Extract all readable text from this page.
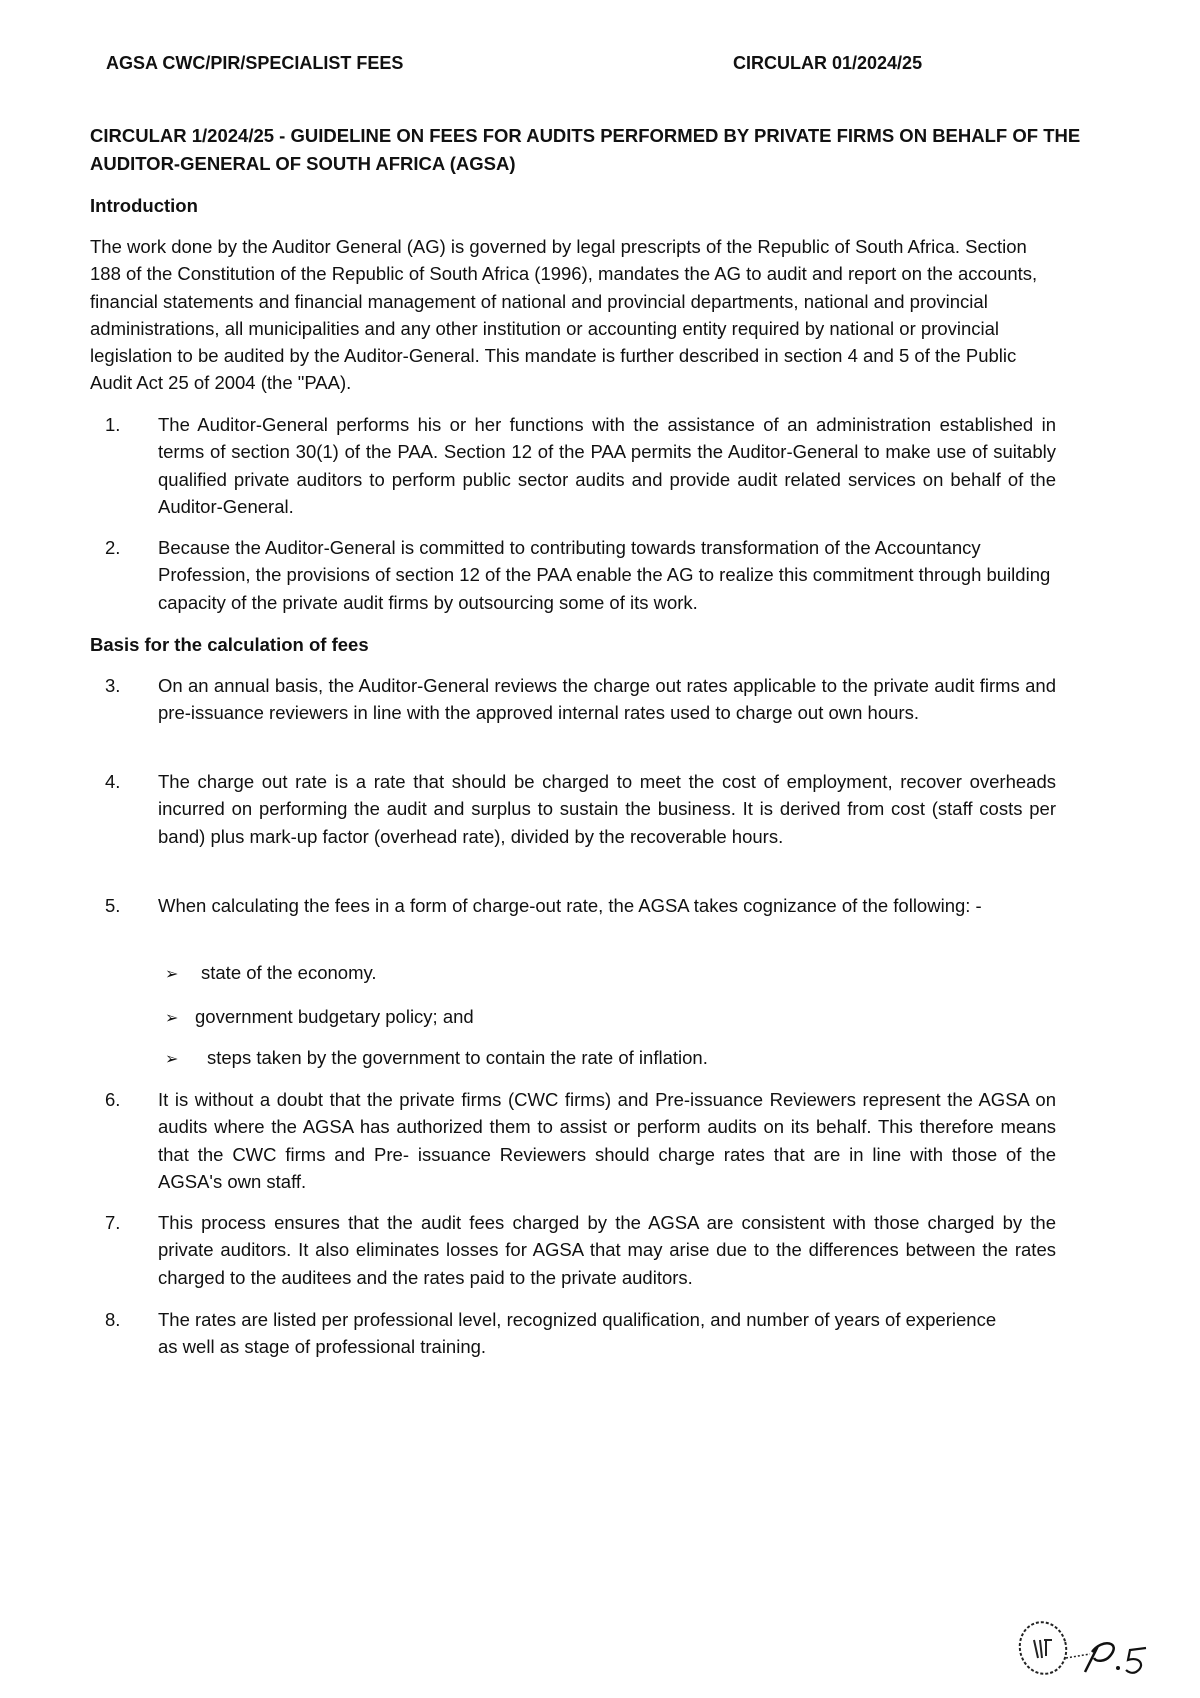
AGSA CWC/PIR/SPECIALIST FEES	CIRCULAR 01/2024/25
CIRCULAR 1/2024/25 - GUIDELINE ON FEES FOR AUDITS PERFORMED BY PRIVATE FIRMS ON BEHALF OF THE AUDITOR-GENERAL OF SOUTH AFRICA (AGSA)
Introduction
The work done by the Auditor General (AG) is governed by legal prescripts of the Republic of South Africa. Section 188 of the Constitution of the Republic of South Africa (1996), mandates the AG to audit and report on the accounts, financial statements and financial management of national and provincial departments, national and provincial administrations, all municipalities and any other institution or accounting entity required by national or provincial legislation to be audited by the Auditor-General. This mandate is further described in section 4 and 5 of the Public Audit Act 25 of 2004 (the "PAA).
1. The Auditor-General performs his or her functions with the assistance of an administration established in terms of section 30(1) of the PAA. Section 12 of the PAA permits the Auditor-General to make use of suitably qualified private auditors to perform public sector audits and provide audit related services on behalf of the Auditor-General.
2. Because the Auditor-General is committed to contributing towards transformation of the Accountancy Profession, the provisions of section 12 of the PAA enable the AG to realize this commitment through building capacity of the private audit firms by outsourcing some of its work.
Basis for the calculation of fees
3. On an annual basis, the Auditor-General reviews the charge out rates applicable to the private audit firms and pre-issuance reviewers in line with the approved internal rates used to charge out own hours.
4. The charge out rate is a rate that should be charged to meet the cost of employment, recover overheads incurred on performing the audit and surplus to sustain the business. It is derived from cost (staff costs per band) plus mark-up factor (overhead rate), divided by the recoverable hours.
5. When calculating the fees in a form of charge-out rate, the AGSA takes cognizance of the following: -
➢ state of the economy.
➢ government budgetary policy; and
➢ steps taken by the government to contain the rate of inflation.
6. It is without a doubt that the private firms (CWC firms) and Pre-issuance Reviewers represent the AGSA on audits where the AGSA has authorized them to assist or perform audits on its behalf. This therefore means that the CWC firms and Pre- issuance Reviewers should charge rates that are in line with those of the AGSA's own staff.
7. This process ensures that the audit fees charged by the AGSA are consistent with those charged by the private auditors. It also eliminates losses for AGSA that may arise due to the differences between the rates charged to the auditees and the rates paid to the private auditors.
8. The rates are listed per professional level, recognized qualification, and number of years of experience as well as stage of professional training.
